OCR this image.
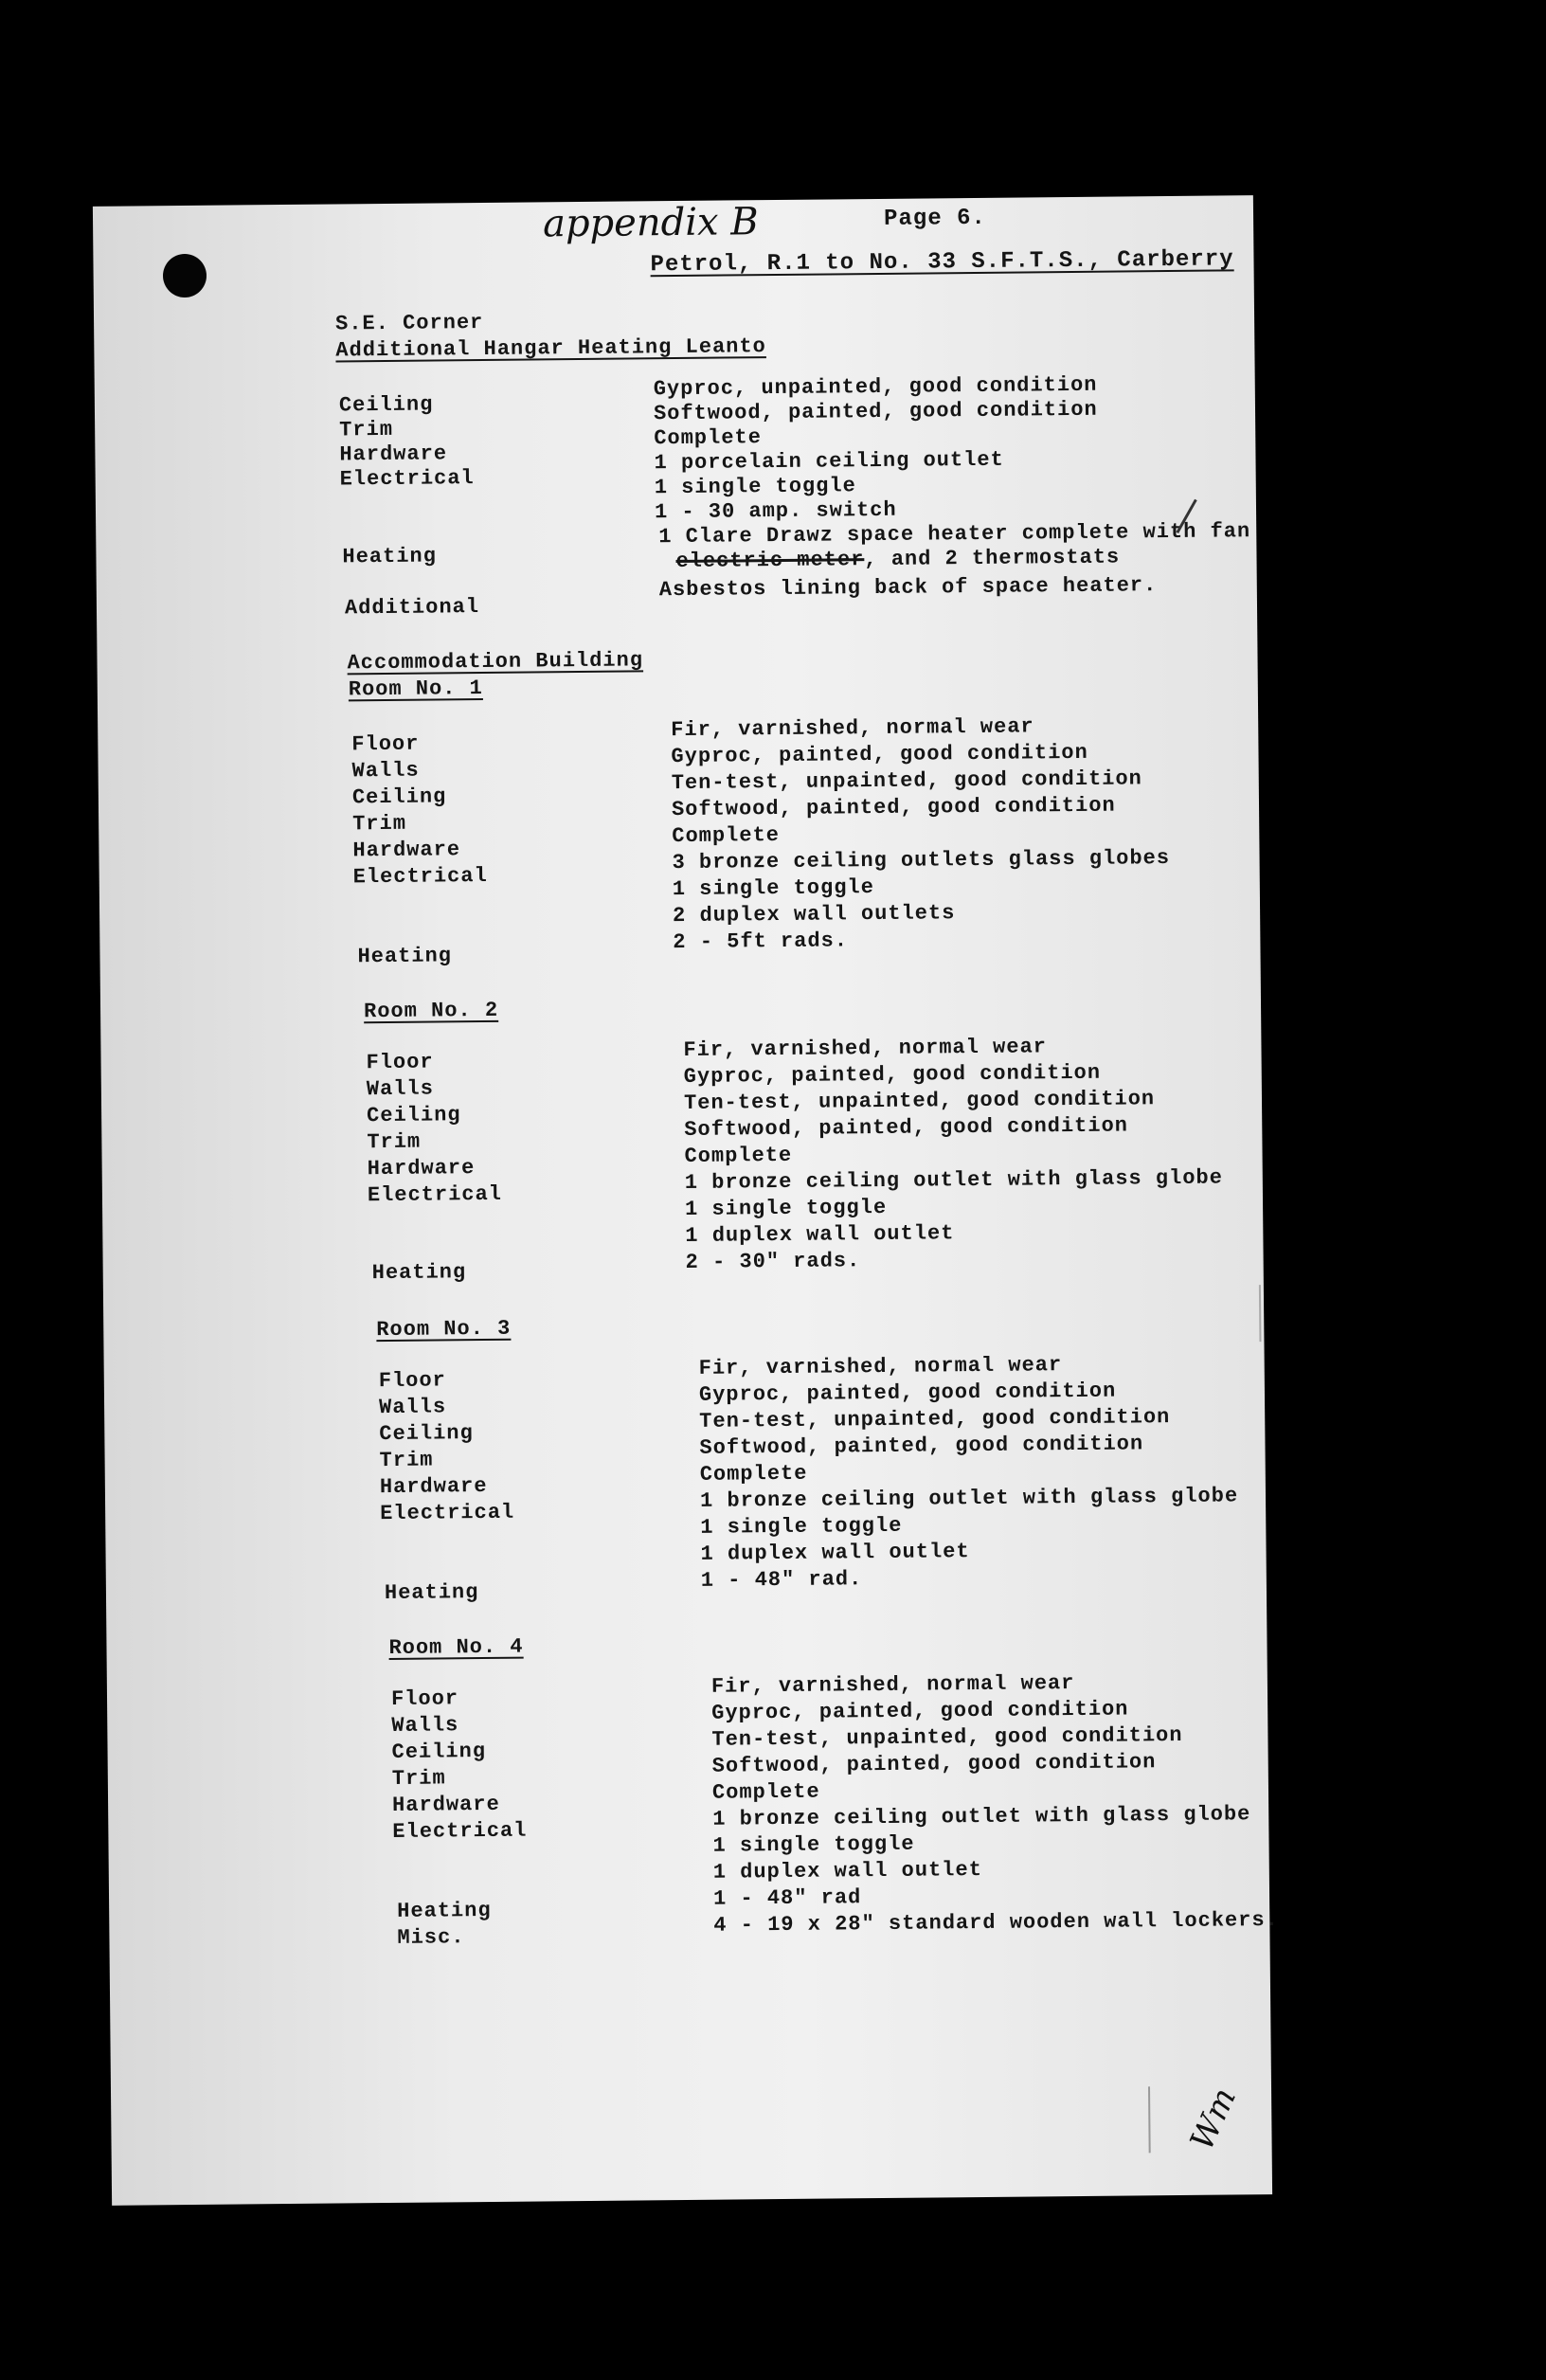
appendix B	Page 6.
Petrol, R.1 to No. 33 S.F.T.S., Carberry
S.E. Corner
Additional Hangar Heating Leanto
Ceiling
Trim
Hardware
Electrical
Heating
Additional
Gyproc, unpainted, good condition
Softwood, painted, good condition
Complete
1 porcelain ceiling outlet
1 single toggle
1 - 30 amp. switch
1 Clare Drawz space heater complete with fan
electric meter, and 2 thermostats
Asbestos lining back of space heater.
Accommodation Building
Room No. 1
Floor
Walls
Ceiling
Trim
Hardware
Electrical
Heating
Fir, varnished, normal wear
Gyproc, painted, good condition
Ten-test, unpainted, good condition
Softwood, painted, good condition
Complete
3 bronze ceiling outlets glass globes
1 single toggle
2 duplex wall outlets
2 - 5ft rads.
Room No. 2
Floor
Walls
Ceiling
Trim
Hardware
Electrical
Heating
Fir, varnished, normal wear
Gyproc, painted, good condition
Ten-test, unpainted, good condition
Softwood, painted, good condition
Complete
1 bronze ceiling outlet with glass globe
1 single toggle
1 duplex wall outlet
2 - 30" rads.
Room No. 3
Floor
Walls
Ceiling
Trim
Hardware
Electrical
Heating
Fir, varnished, normal wear
Gyproc, painted, good condition
Ten-test, unpainted, good condition
Softwood, painted, good condition
Complete
1 bronze ceiling outlet with glass globe
1 single toggle
1 duplex wall outlet
1 - 48" rad.
Room No. 4
Floor
Walls
Ceiling
Trim
Hardware
Electrical
Heating
Misc.
Fir, varnished, normal wear
Gyproc, painted, good condition
Ten-test, unpainted, good condition
Softwood, painted, good condition
Complete
1 bronze ceiling outlet with glass globe
1 single toggle
1 duplex wall outlet
1 - 48" rad
4 - 19 x 28" standard wooden wall lockers.
Wm
